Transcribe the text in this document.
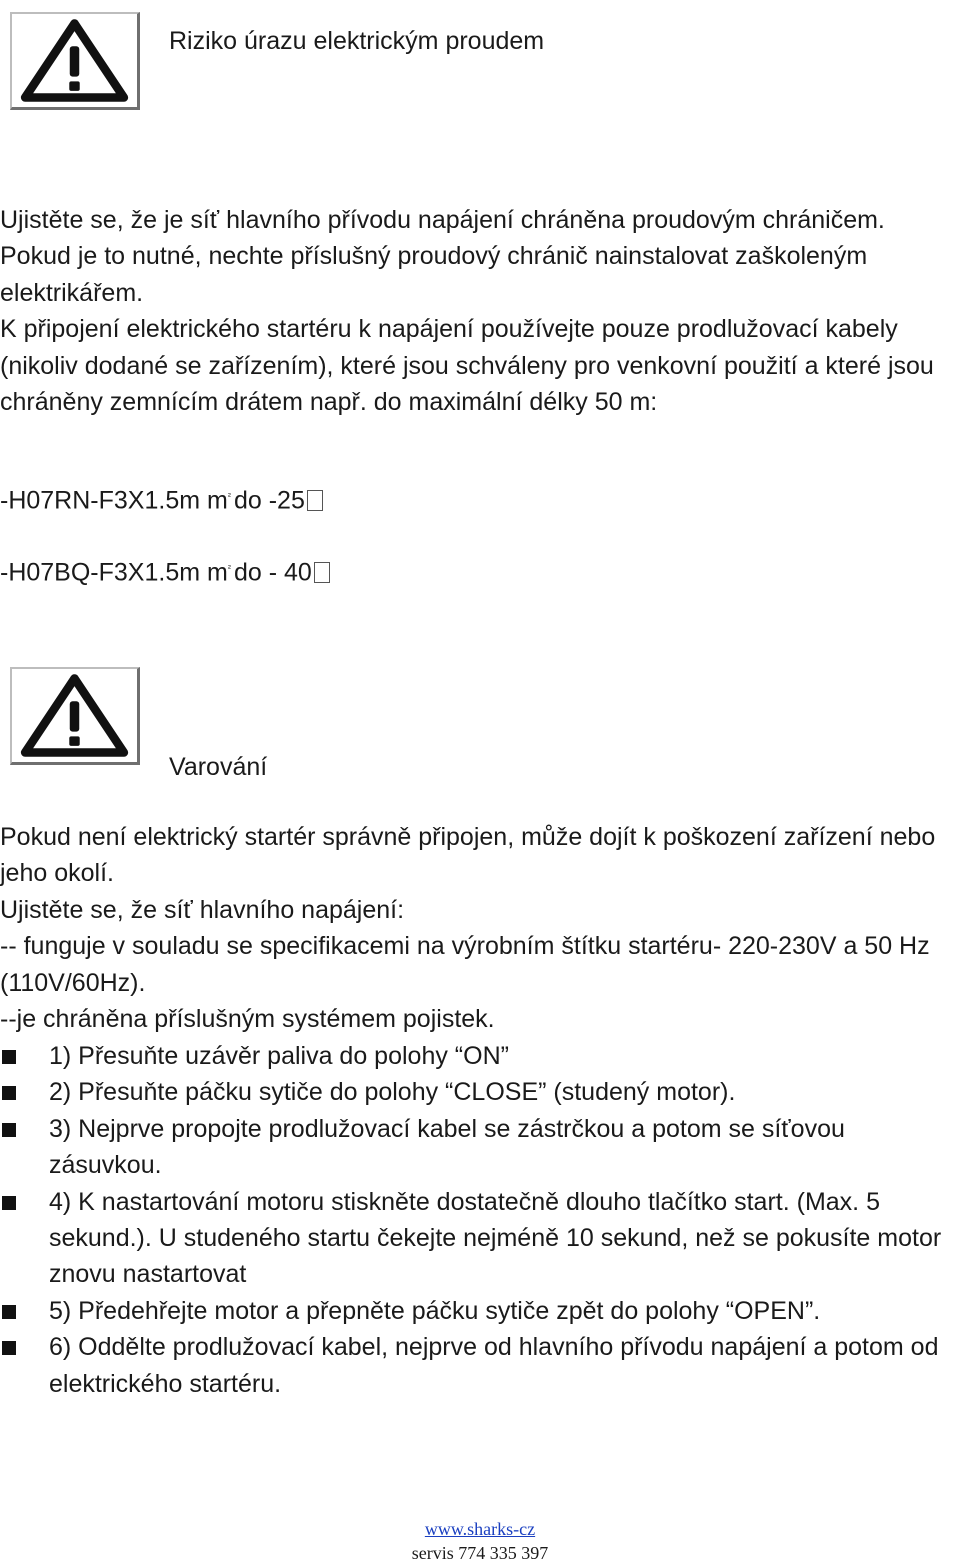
Riziko úrazu elektrickým proudem

Ujistěte se, že je síť hlavního přívodu napájení chráněna proudovým chráničem. Pokud je to nutné, nechte příslušný proudový chránič nainstalovat zaškoleným elektrikářem.

K připojení elektrického startéru k napájení používejte pouze prodlužovací kabely (nikoliv dodané se zařízením), které jsou schváleny pro venkovní použití a které jsou chráněny zemnícím drátem např. do maximální délky 50 m:

-H07RN-F3X1.5m $m^{^2}$ do -25
-H07BQ-F3X1.5m $m^{^2}$ do - 40
Varování

Pokud není elektrický startér správně připojen, může dojít k poškození zařízení nebo jeho okolí.

Ujistěte se, že síť hlavního napájení:

-- funguje v souladu se specifikacemi na výrobním štítku startéru- 220-230V a 50 Hz (110V/60Hz).

--je chráněna příslušným systémem pojistek.

1) Přesuňte uzávěr paliva do polohy “ON”
2) Přesuňte páčku sytiče do polohy “CLOSE” (studený motor).
3) Nejprve propojte prodlužovací kabel se zástrčkou a potom se síťovou zásuvkou.
4) K nastartování motoru stiskněte dostatečně dlouho tlačítko start. (Max. 5 sekund.). U studeného startu čekejte nejméně 10 sekund, než se pokusíte motor znovu nastartovat
5) Předehřejte motor a přepněte páčku sytiče zpět do polohy “OPEN”.
6) Oddělte prodlužovací kabel, nejprve od hlavního přívodu napájení a potom od elektrického startéru.
www.sharks-cz
servis 774 335 397
